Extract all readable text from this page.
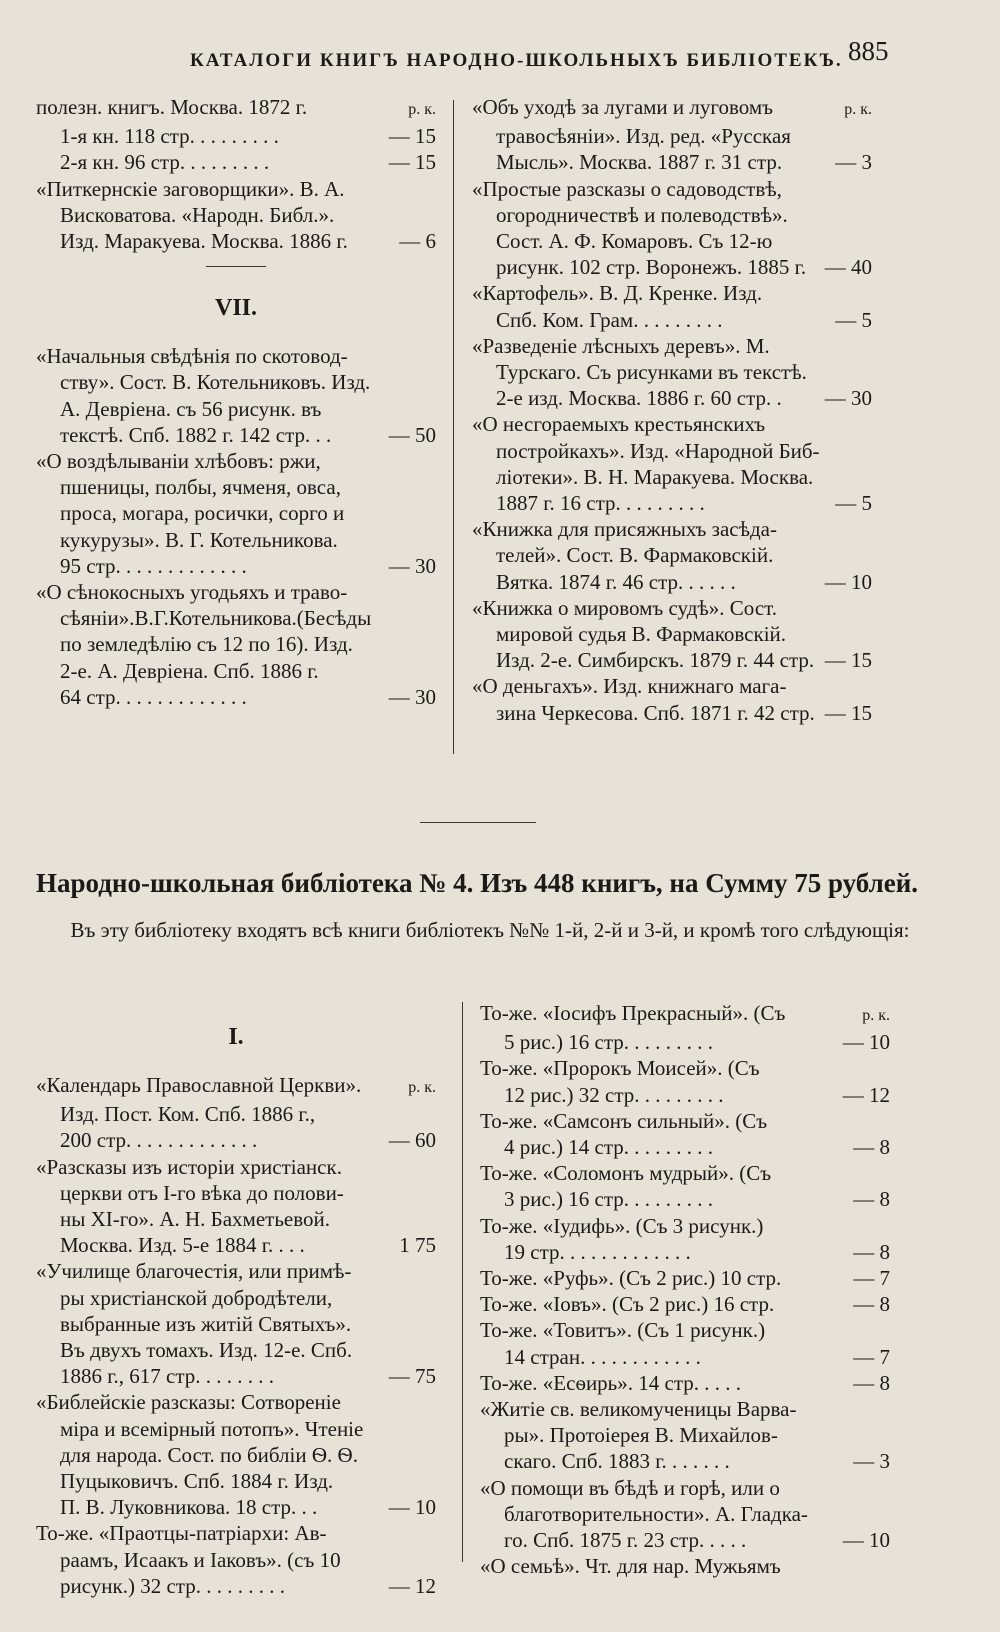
КАТАЛОГИ КНИГЪ НАРОДНО-ШКОЛЬНЫХЪ БИБЛІОТЕКЪ. 885
полезн. книгъ. Москва. 1872 г.	р. к.
1-я кн. 118 стр. . . . . . . . .	— 15
2-я кн. 96 стр. . . . . . . . .	— 15
«Питкернскіе заговорщики». В. А.
Висковатова. «Народн. Библ.».
Изд. Маракуева. Москва. 1886 г. — 6
VII.
«Начальныя свѣдѣнія по скотовод-
ству». Сост. В. Котельниковъ. Изд.
А. Девріена. съ 56 рисунк. въ
текстѣ. Спб. 1882 г. 142 стр. . .	— 50
«О воздѣлываніи хлѣбовъ: ржи,
пшеницы, полбы, ячменя, овса,
проса, могара, росички, сорго и
кукурузы». В. Г. Котельникова.
95 стр. . . . . . . . . . . . .	— 30
«О сѣнокосныхъ угодьяхъ и траво-
сѣяніи».В.Г.Котельникова.(Бесѣды
по земледѣлію съ 12 по 16). Изд.
2-е. А. Девріена. Спб. 1886 г.
64 стр. . . . . . . . . . . . .	— 30
«Объ уходѣ за лугами и луговомъ	р. к.
травосѣяніи». Изд. ред. «Русская
Мысль». Москва. 1887 г. 31 стр.	— 3
«Простые разсказы о садоводствѣ,
огородничествѣ и полеводствѣ».
Сост. А. Ф. Комаровъ. Съ 12-ю
рисунк. 102 стр. Воронежъ. 1885 г. — 40
«Картофель». В. Д. Кренке. Изд.
Спб. Ком. Грам. . . . . . . . .	— 5
«Разведеніе лѣсныхъ деревъ». М.
Турскаго. Съ рисунками въ текстѣ.
2-е изд. Москва. 1886 г. 60 стр. . — 30
«О несгораемыхъ крестьянскихъ
постройкахъ». Изд. «Народной Биб-
ліотеки». В. Н. Маракуева. Москва.
1887 г. 16 стр. . . . . . . . .	— 5
«Книжка для присяжныхъ засѣда-
телей». Сост. В. Фармаковскій.
Вятка. 1874 г. 46 стр. . . . . .	— 10
«Книжка о мировомъ судѣ». Сост.
мировой судья В. Фармаковскій.
Изд. 2-е. Симбирскъ. 1879 г. 44 стр. — 15
«О деньгахъ». Изд. книжнаго мага-
зина Черкесова. Спб. 1871 г. 42 стр. — 15
Народно-школьная библіотека № 4. Изъ 448 книгъ, на Сумму 75 рублей.
Въ эту библіотеку входятъ всѣ книги библіотекъ №№ 1-й, 2-й и 3-й, и кромѣ того слѣдующія:
I.
«Календарь Православной Церкви».	р. к.
Изд. Пост. Ком. Спб. 1886 г.,
200 стр. . . . . . . . . . . . .	— 60
«Разсказы изъ исторіи христіанск.
церкви отъ I-го вѣка до полови-
ны XI-го». А. Н. Бахметьевой.
Москва. Изд. 5-е 1884 г. . . .	1 75
«Училище благочестія, или примѣ-
ры христіанской добродѣтели,
выбранные изъ житій Святыхъ».
Въ двухъ томахъ. Изд. 12-е. Спб.
1886 г., 617 стр. . . . . . . .	— 75
«Библейскіе разсказы: Сотвореніе
міра и всемірный потопъ». Чтеніе
для народа. Сост. по библіи Ѳ. Ѳ.
Пуцыковичъ. Спб. 1884 г. Изд.
П. В. Луковникова. 18 стр. . .	— 10
То-же. «Праотцы-патріархи: Ав-
раамъ, Исаакъ и Іаковъ». (съ 10
рисунк.) 32 стр. . . . . . . . .	— 12
То-же. «Іосифъ Прекрасный». (Съ	р. к.
5 рис.) 16 стр. . . . . . . . .	— 10
То-же. «Пророкъ Моисей». (Съ
12 рис.) 32 стр. . . . . . . . .	— 12
То-же. «Самсонъ сильный». (Съ
4 рис.) 14 стр. . . . . . . . .	— 8
То-же. «Соломонъ мудрый». (Съ
3 рис.) 16 стр. . . . . . . . .	— 8
То-же. «Іудифь». (Съ 3 рисунк.)
19 стр. . . . . . . . . . . . .	— 8
То-же. «Руфь». (Съ 2 рис.) 10 стр.	— 7
То-же. «Іовъ». (Съ 2 рис.) 16 стр.	— 8
То-же. «Товитъ». (Съ 1 рисунк.)
14 стран. . . . . . . . . . . .	— 7
То-же. «Есѳирь». 14 стр. . . . .	— 8
«Житіе св. великомученицы Варва-
ры». Протоіерея В. Михайлов-
скаго. Спб. 1883 г. . . . . . .	— 3
«О помощи въ бѣдѣ и горѣ, или о
благотворительности». А. Гладка-
го. Спб. 1875 г. 23 стр. . . . .	— 10
«О семьѣ». Чт. для нар. Мужьямъ
